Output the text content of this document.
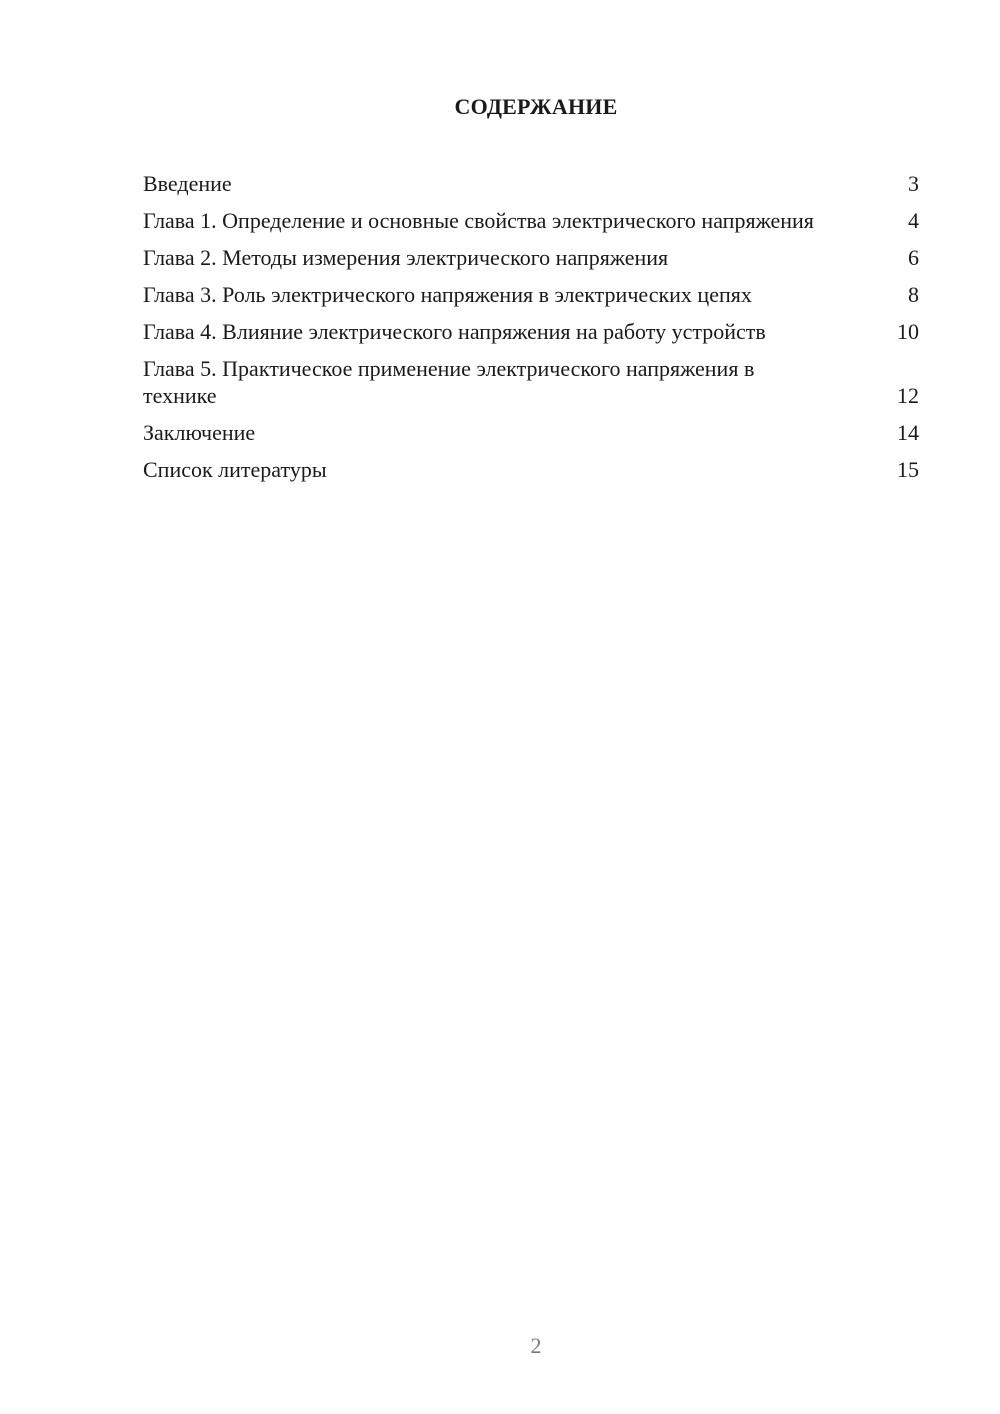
СОДЕРЖАНИЕ
Введение	3
Глава 1. Определение и основные свойства электрического напряжения	4
Глава 2. Методы измерения электрического напряжения	6
Глава 3. Роль электрического напряжения в электрических цепях	8
Глава 4. Влияние электрического напряжения на работу устройств	10
Глава 5. Практическое применение электрического напряжения в технике	12
Заключение	14
Список литературы	15
2
